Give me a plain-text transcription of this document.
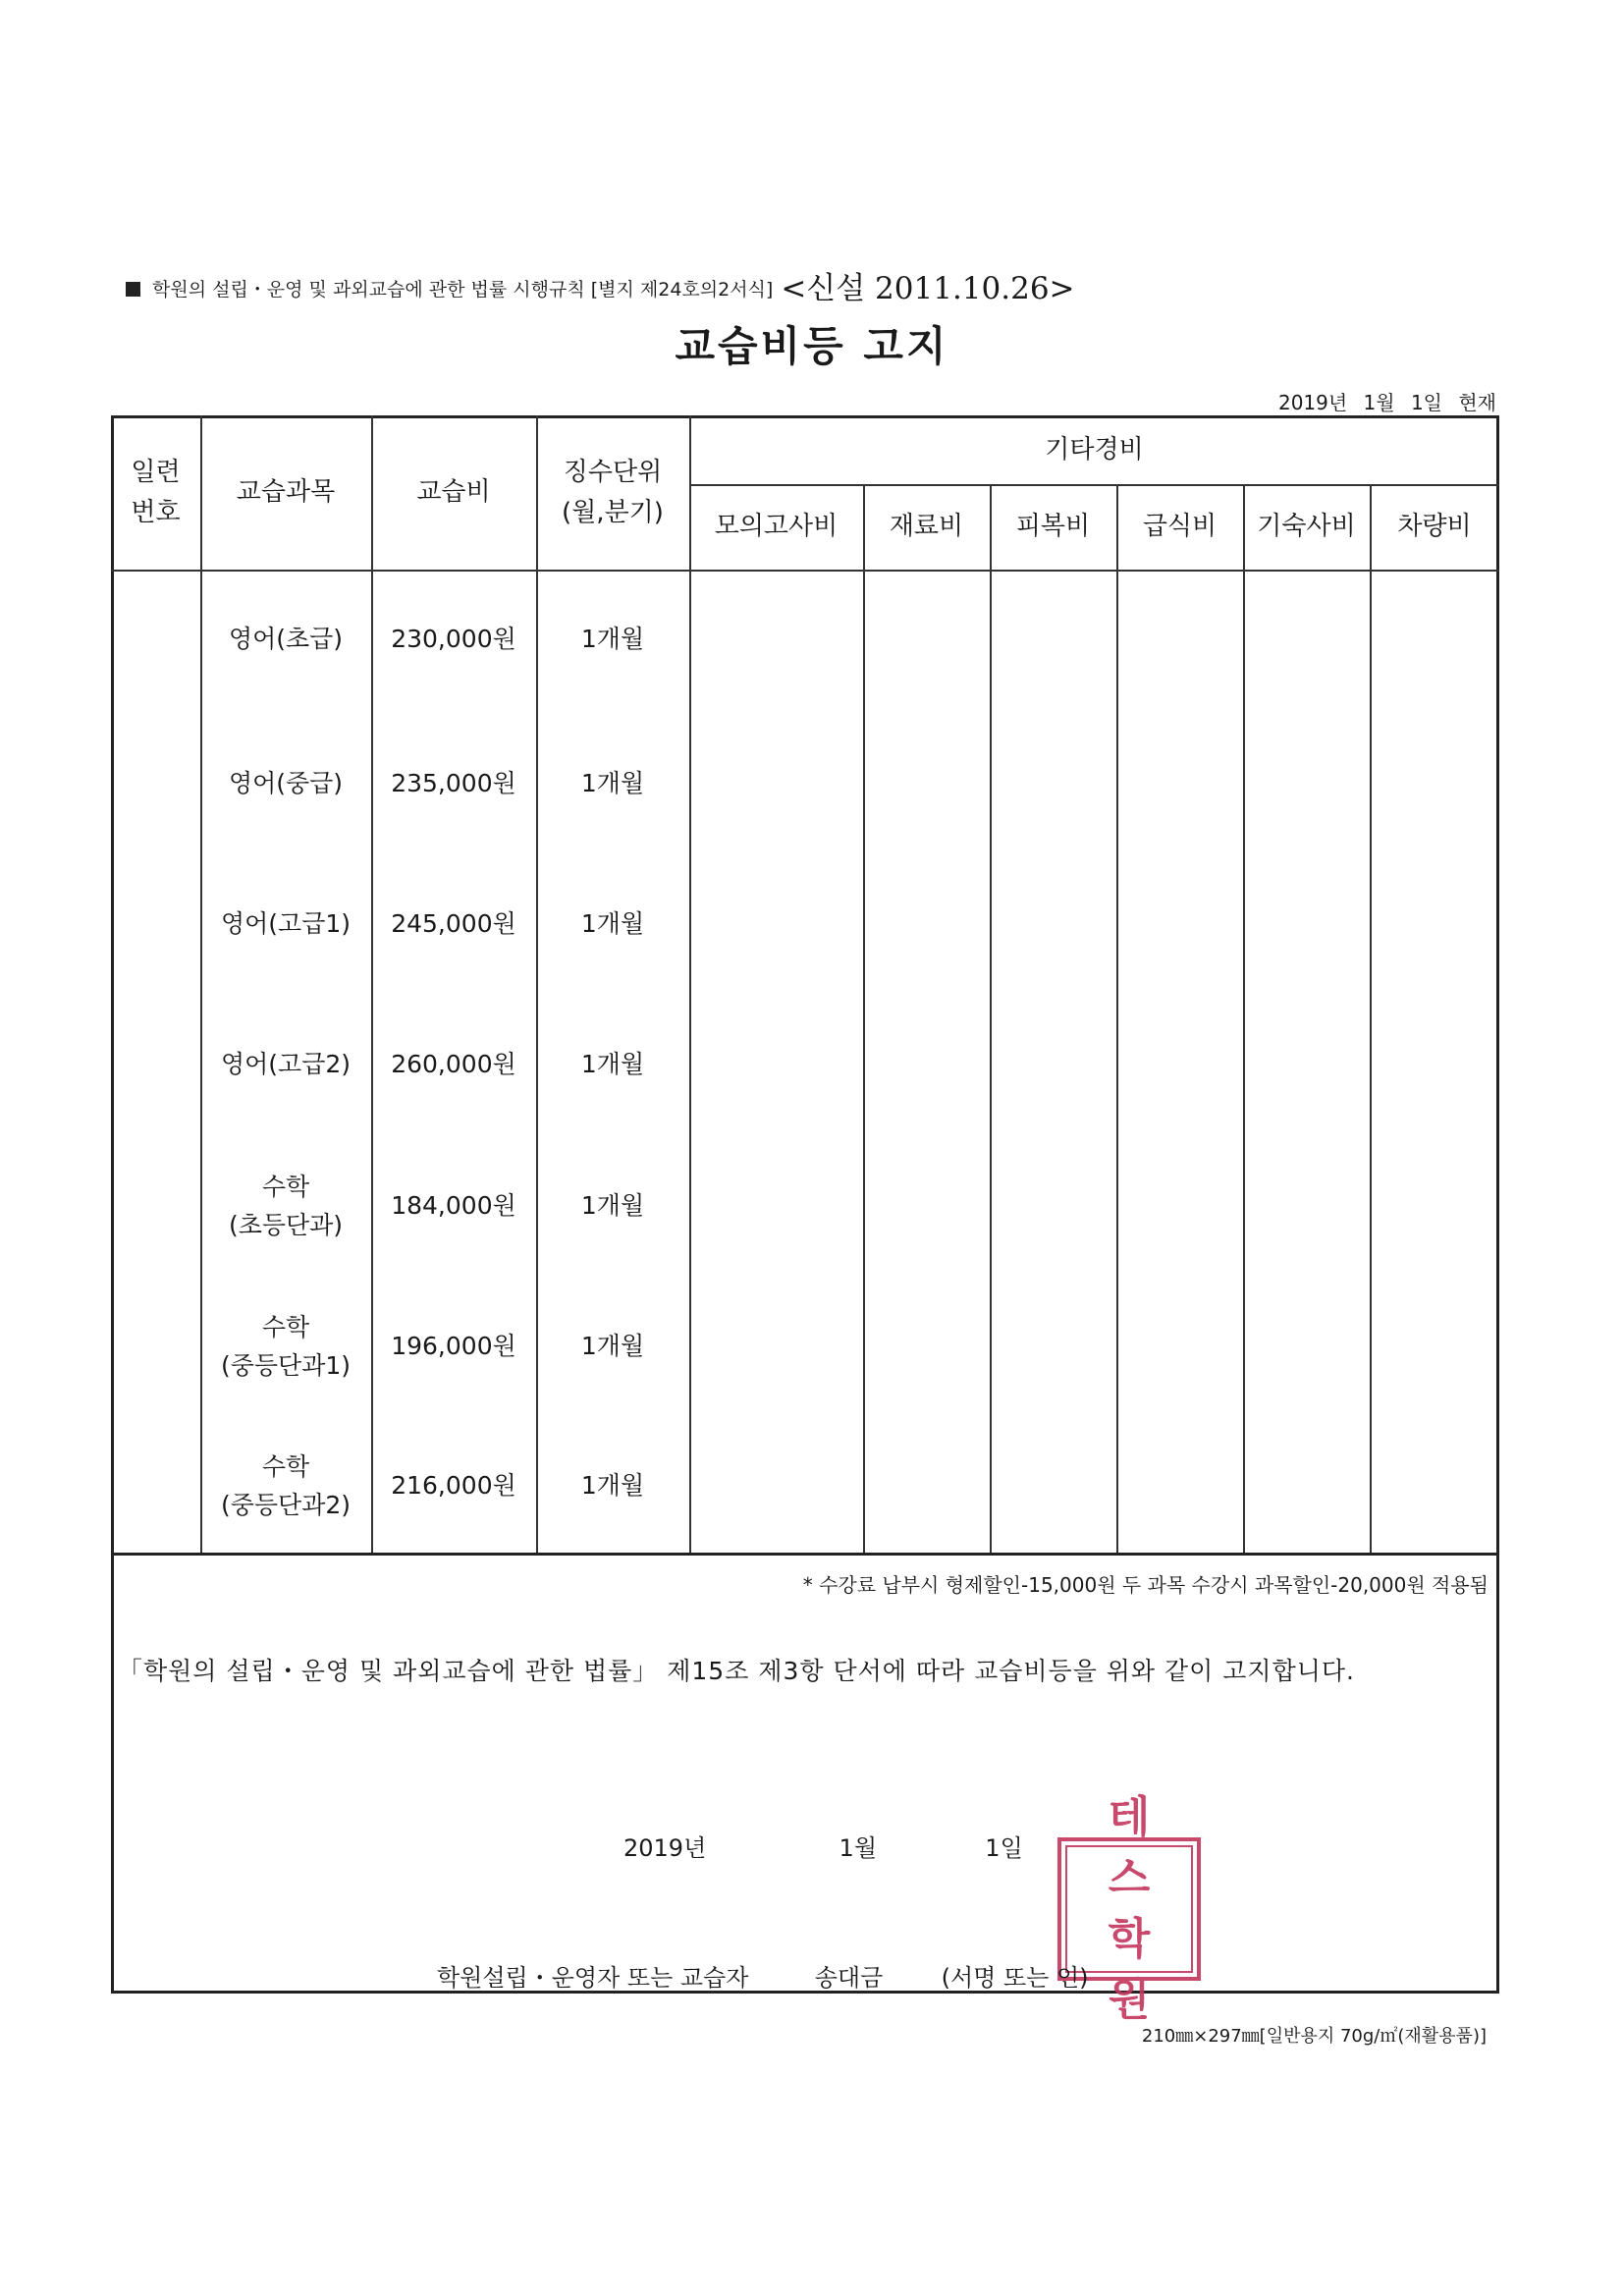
학원의 설립・운영 및 과외교습에 관한 법률 시행규칙 [별지 제24호의2서식] <신설 2011.10.26>
교습비등 고지
2019년 1월 1일 현재
일련
번호
교습과목	교습비
징수단위
(월,분기)
기타경비
모의고사비	재료비	피복비	급식비	기숙사비	차량비
영어(초급)	230,000원	1개월
영어(중급)	235,000원	1개월
영어(고급1)	245,000원	1개월
영어(고급2)	260,000원	1개월
수학
(초등단과)
184,000원	1개월
수학
(중등단과1)
196,000원	1개월
수학
(중등단과2)
216,000원	1개월
* 수강료 납부시 형제할인-15,000원 두 과목 수강시 과목할인-20,000원 적용됨
「학원의 설립・운영 및 과외교습에 관한 법률」 제15조 제3항 단서에 따라 교습비등을 위와 같이 고지합니다.
2019년	1월	1일
테
스
학
원
학원설립・운영자 또는 교습자	송대금 (서명 또는 인)
210㎜×297㎜[일반용지 70g/㎡(재활용품)]
